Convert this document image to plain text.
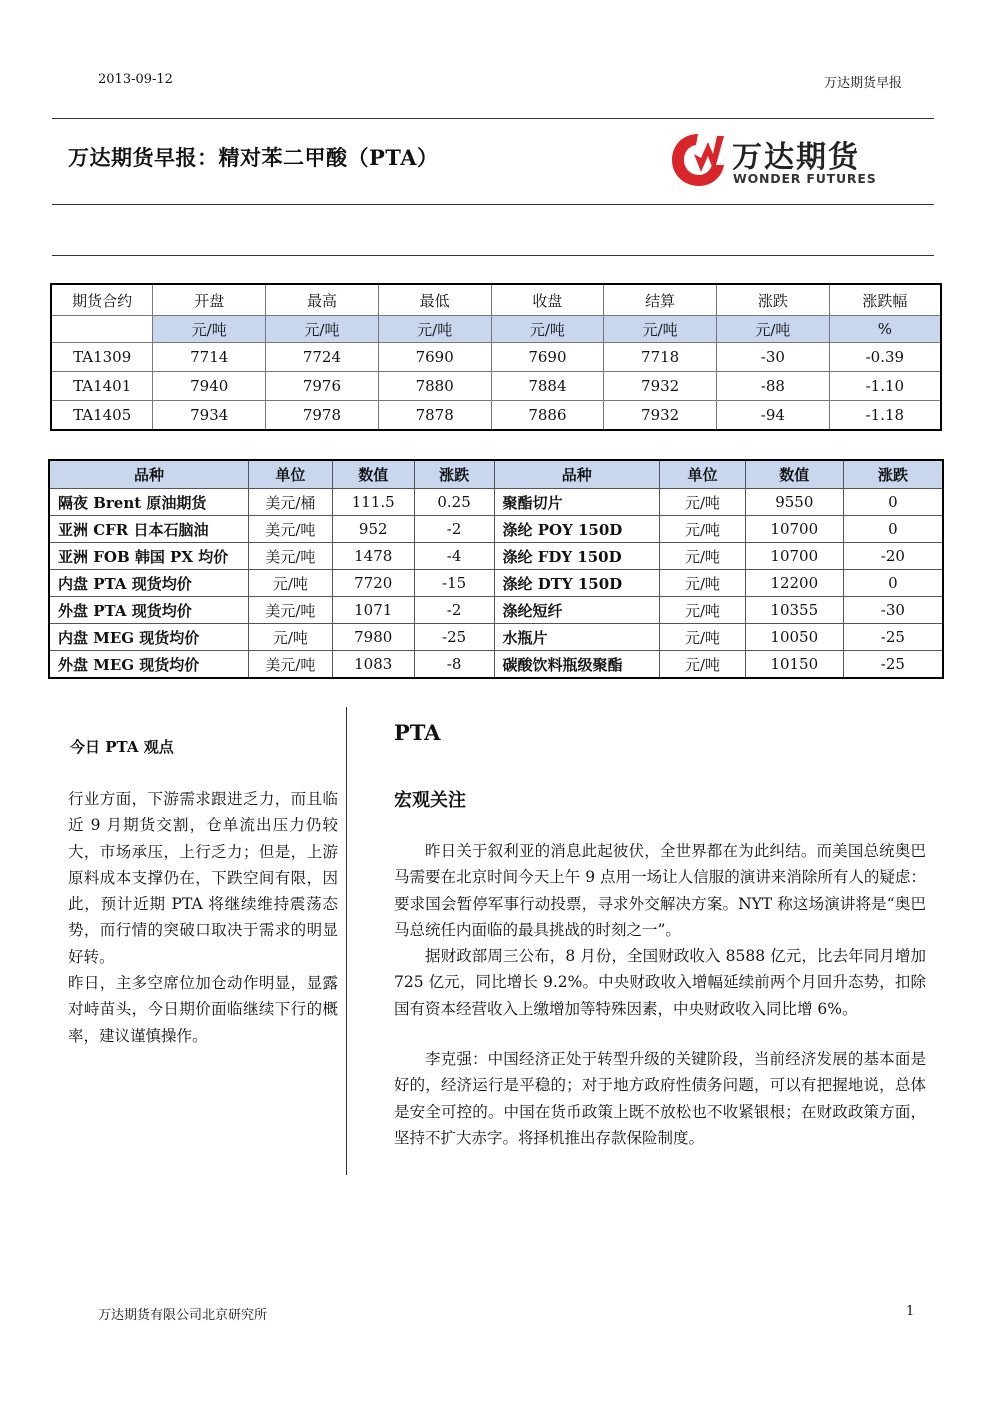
2013-09-12	万达期货早报
万达期货早报：精对苯二甲酸（PTA）	万达期货
WONDER FUTURES
期货合约	开盘	最高	最低	收盘	结算	涨跌	涨跌幅
	元/吨	元/吨	元/吨	元/吨	元/吨	元/吨	%
TA1309	7714	7724	7690	7690	7718	-30	-0.39
TA1401	7940	7976	7880	7884	7932	-88	-1.10
TA1405	7934	7978	7878	7886	7932	-94	-1.18
品种	单位	数值	涨跌	品种	单位	数值	涨跌
隔夜 Brent 原油期货	美元/桶	111.5	0.25	聚酯切片	元/吨	9550	0
亚洲 CFR 日本石脑油	美元/吨	952	-2	涤纶 POY 150D	元/吨	10700	0
亚洲 FOB 韩国 PX 均价	美元/吨	1478	-4	涤纶 FDY 150D	元/吨	10700	-20
内盘 PTA 现货均价	元/吨	7720	-15	涤纶 DTY 150D	元/吨	12200	0
外盘 PTA 现货均价	美元/吨	1071	-2	涤纶短纤	元/吨	10355	-30
内盘 MEG 现货均价	元/吨	7980	-25	水瓶片	元/吨	10050	-25
外盘 MEG 现货均价	美元/吨	1083	-8	碳酸饮料瓶级聚酯	元/吨	10150	-25
今日 PTA 观点

行业方面，下游需求跟进乏力，而且临近 9 月期货交割，仓单流出压力仍较大，市场承压，上行乏力；但是，上游原料成本支撑仍在，下跌空间有限，因此，预计近期 PTA 将继续维持震荡态势，而行情的突破口取决于需求的明显好转。

昨日，主多空席位加仓动作明显，显露对峙苗头，今日期价面临继续下行的概率，建议谨慎操作。

PTA
宏观关注

昨日关于叙利亚的消息此起彼伏，全世界都在为此纠结。而美国总统奥巴马需要在北京时间今天上午 9 点用一场让人信服的演讲来消除所有人的疑虑：要求国会暂停军事行动投票，寻求外交解决方案。NYT 称这场演讲将是“奥巴马总统任内面临的最具挑战的时刻之一”。

据财政部周三公布，8 月份，全国财政收入 8588 亿元，比去年同月增加 725 亿元，同比增长 9.2%。中央财政收入增幅延续前两个月回升态势，扣除国有资本经营收入上缴增加等特殊因素，中央财政收入同比增 6%。

李克强：中国经济正处于转型升级的关键阶段，当前经济发展的基本面是好的，经济运行是平稳的；对于地方政府性债务问题，可以有把握地说，总体是安全可控的。中国在货币政策上既不放松也不收紧银根；在财政政策方面，坚持不扩大赤字。将择机推出存款保险制度。

万达期货有限公司北京研究所	1
